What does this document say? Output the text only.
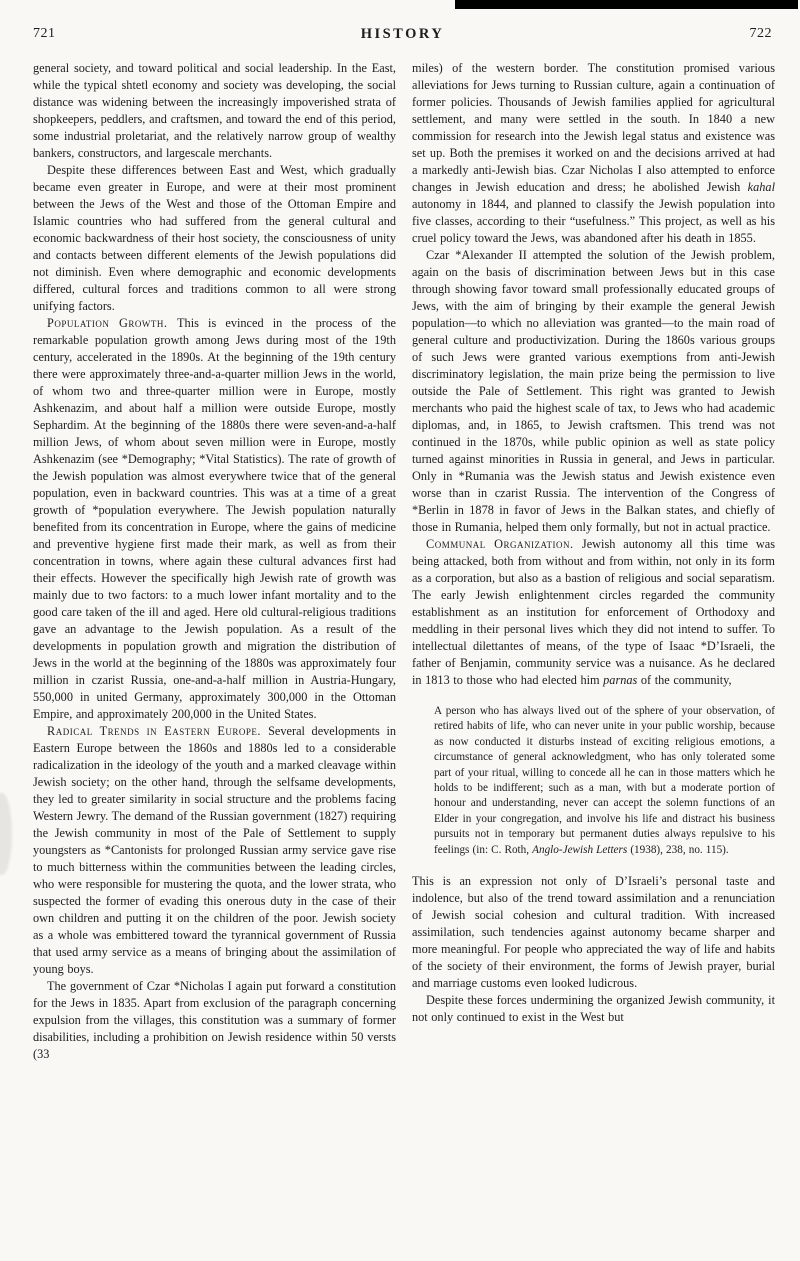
721	HISTORY	722

general society, and toward political and social leadership. In the East, while the typical shtetl economy and society was developing, the social distance was widening between the increasingly impoverished strata of shopkeepers, peddlers, and craftsmen, and toward the end of this period, some industrial proletariat, and the relatively narrow group of wealthy bankers, constructors, and largescale merchants.

Despite these differences between East and West, which gradually became even greater in Europe, and were at their most prominent between the Jews of the West and those of the Ottoman Empire and Islamic countries who had suffered from the general cultural and economic backwardness of their host society, the consciousness of unity and contacts between different elements of the Jewish populations did not diminish. Even where demographic and economic developments differed, cultural forces and traditions common to all were strong unifying factors.

Population Growth. This is evinced in the process of the remarkable population growth among Jews during most of the 19th century, accelerated in the 1890s. At the beginning of the 19th century there were approximately three-and-a-quarter million Jews in the world, of whom two and three-quarter million were in Europe, mostly Ashkenazim, and about half a million were outside Europe, mostly Sephardim. At the beginning of the 1880s there were seven-and-a-half million Jews, of whom about seven million were in Europe, mostly Ashkenazim (see *Demography; *Vital Statistics). The rate of growth of the Jewish population was almost everywhere twice that of the general population, even in backward countries. This was at a time of a great growth of *population everywhere. The Jewish population naturally benefited from its concentration in Europe, where the gains of medicine and preventive hygiene first made their mark, as well as from their concentration in towns, where again these cultural advances first had their effects. However the specifically high Jewish rate of growth was mainly due to two factors: to a much lower infant mortality and to the good care taken of the ill and aged. Here old cultural-religious traditions gave an advantage to the Jewish population. As a result of the developments in population growth and migration the distribution of Jews in the world at the beginning of the 1880s was approximately four million in czarist Russia, one-and-a-half million in Austria-Hungary, 550,000 in united Germany, approximately 300,000 in the Ottoman Empire, and approximately 200,000 in the United States.

Radical Trends in Eastern Europe. Several developments in Eastern Europe between the 1860s and 1880s led to a considerable radicalization in the ideology of the youth and a marked cleavage within Jewish society; on the other hand, through the selfsame developments, they led to greater similarity in social structure and the problems facing Western Jewry. The demand of the Russian government (1827) requiring the Jewish community in most of the Pale of Settlement to supply youngsters as *Cantonists for prolonged Russian army service gave rise to much bitterness within the communities between the leading circles, who were responsible for mustering the quota, and the lower strata, who suspected the former of evading this onerous duty in the case of their own children and putting it on the children of the poor. Jewish society as a whole was embittered toward the tyrannical government of Russia that used army service as a means of bringing about the assimilation of young boys.

The government of Czar *Nicholas I again put forward a constitution for the Jews in 1835. Apart from exclusion of the paragraph concerning expulsion from the villages, this constitution was a summary of former disabilities, including a prohibition on Jewish residence within 50 versts (33

miles) of the western border. The constitution promised various alleviations for Jews turning to Russian culture, again a continuation of former policies. Thousands of Jewish families applied for agricultural settlement, and many were settled in the south. In 1840 a new commission for research into the Jewish legal status and existence was set up. Both the premises it worked on and the decisions arrived at had a markedly anti-Jewish bias. Czar Nicholas I also attempted to enforce changes in Jewish education and dress; he abolished Jewish kahal autonomy in 1844, and planned to classify the Jewish population into five classes, according to their “usefulness.” This project, as well as his cruel policy toward the Jews, was abandoned after his death in 1855.

Czar *Alexander II attempted the solution of the Jewish problem, again on the basis of discrimination between Jews but in this case through showing favor toward small professionally educated groups of Jews, with the aim of bringing by their example the general Jewish population—to which no alleviation was granted—to the main road of general culture and productivization. During the 1860s various groups of such Jews were granted various exemptions from anti-Jewish discriminatory legislation, the main prize being the permission to live outside the Pale of Settlement. This right was granted to Jewish merchants who paid the highest scale of tax, to Jews who had academic diplomas, and, in 1865, to Jewish craftsmen. This trend was not continued in the 1870s, while public opinion as well as state policy turned against minorities in Russia in general, and Jews in particular. Only in *Rumania was the Jewish status and Jewish existence even worse than in czarist Russia. The intervention of the Congress of *Berlin in 1878 in favor of Jews in the Balkan states, and chiefly of those in Rumania, helped them only formally, but not in actual practice.

Communal Organization. Jewish autonomy all this time was being attacked, both from without and from within, not only in its form as a corporation, but also as a bastion of religious and social separatism. The early Jewish enlightenment circles regarded the community establishment as an institution for enforcement of Orthodoxy and meddling in their personal lives which they did not intend to suffer. To intellectual dilettantes of means, of the type of Isaac *D’Israeli, the father of Benjamin, community service was a nuisance. As he declared in 1813 to those who had elected him parnas of the community,

A person who has always lived out of the sphere of your observation, of retired habits of life, who can never unite in your public worship, because as now conducted it disturbs instead of exciting religious emotions, a circumstance of general acknowledgment, who has only tolerated some part of your ritual, willing to concede all he can in those matters which he holds to be indifferent; such as a man, with but a moderate portion of honour and understanding, never can accept the solemn functions of an Elder in your congregation, and involve his life and distract his business pursuits not in temporary but permanent duties always repulsive to his feelings (in: C. Roth, Anglo-Jewish Letters (1938), 238, no. 115).

This is an expression not only of D’Israeli’s personal taste and indolence, but also of the trend toward assimilation and a renunciation of Jewish social cohesion and cultural tradition. With increased assimilation, such tendencies against autonomy became sharper and more meaningful. For people who appreciated the way of life and habits of the society of their environment, the forms of Jewish prayer, burial and marriage customs even looked ludicrous.

Despite these forces undermining the organized Jewish community, it not only continued to exist in the West but
